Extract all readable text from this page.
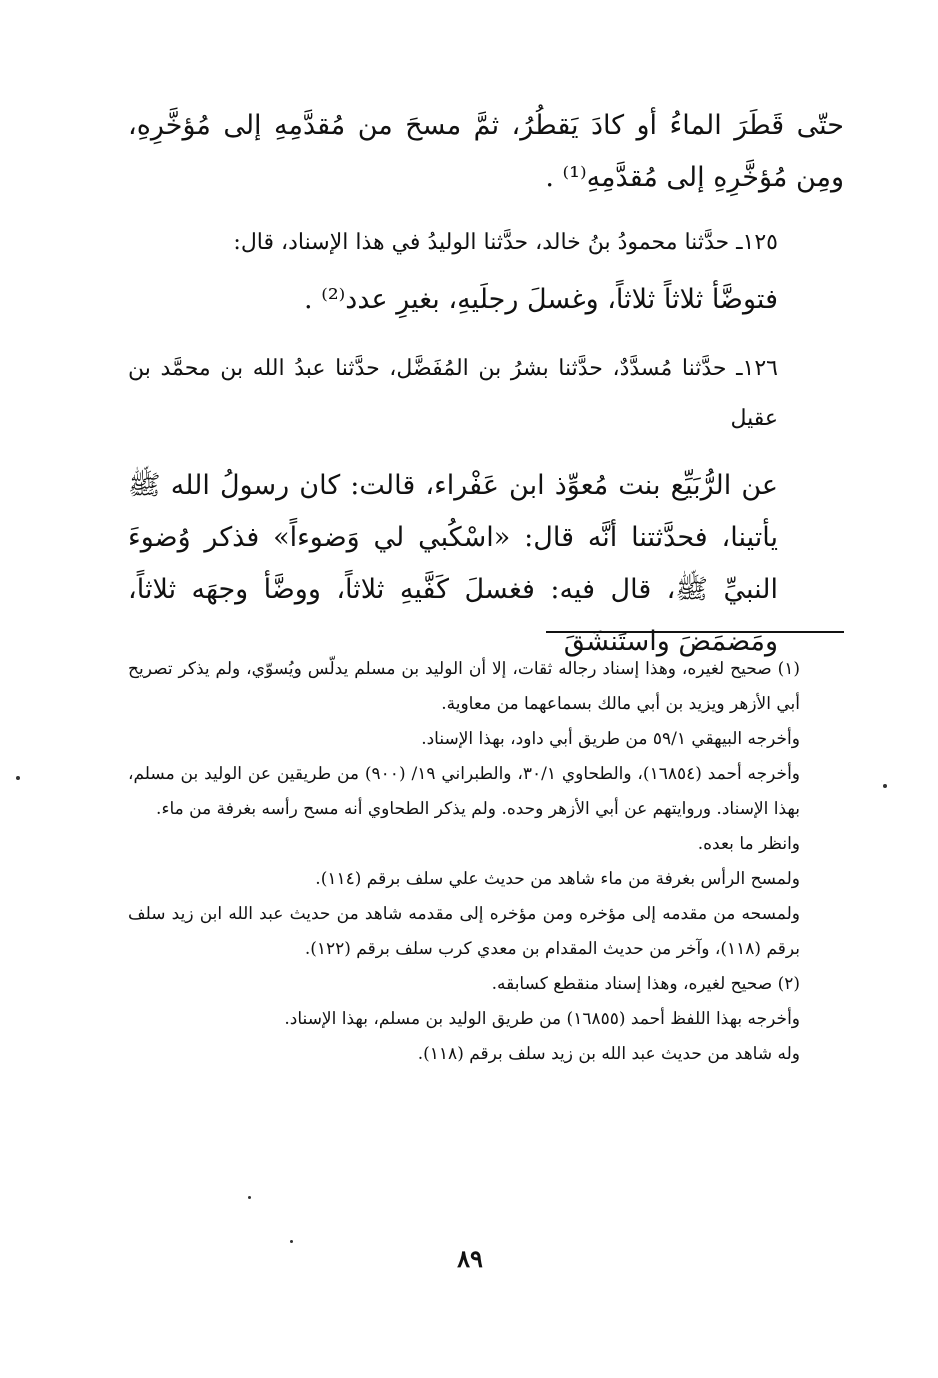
حتّى قَطَرَ الماءُ أو كادَ يَقطُرُ، ثمَّ مسحَ من مُقدَّمِهِ إلى مُؤخَّرِهِ، ومِن مُؤخَّرِهِ إلى مُقدَّمِهِ⁽¹⁾ .

١٢٥ـ حدَّثنا محمودُ بنُ خالد، حدَّثنا الوليدُ في هذا الإسناد، قال:

فتوضَّأ ثلاثاً ثلاثاً، وغسلَ رجلَيهِ، بغيرِ عدد⁽²⁾ .

١٢٦ـ حدَّثنا مُسدَّدٌ، حدَّثنا بشرُ بن المُفَضَّل، حدَّثنا عبدُ الله بن محمَّد بن عقيل

عن الرُّبَيِّع بنت مُعوِّذ ابن عَفْراء، قالت: كان رسولُ الله ﷺ يأتينا، فحدَّثتنا أنَّه قال: «اسْكُبي لي وَضوءاً» فذكر وُضوءَ النبيِّ ﷺ، قال فيه: فغسلَ كَفَّيهِ ثلاثاً، ووضَّأ وجهَه ثلاثاً، ومَضمَضَ واستَنشَقَ

(١) صحيح لغيره، وهذا إسناد رجاله ثقات، إلا أن الوليد بن مسلم يدلّس ويُسوّي، ولم يذكر تصريح أبي الأزهر ويزيد بن أبي مالك بسماعهما من معاوية.

وأخرجه البيهقي ٥٩/١ من طريق أبي داود، بهذا الإسناد.

وأخرجه أحمد (١٦٨٥٤)، والطحاوي ٣٠/١، والطبراني ١٩/ (٩٠٠) من طريقين عن الوليد بن مسلم، بهذا الإسناد. وروايتهم عن أبي الأزهر وحده. ولم يذكر الطحاوي أنه مسح رأسه بغرفة من ماء.

وانظر ما بعده.

ولمسح الرأس بغرفة من ماء شاهد من حديث علي سلف برقم (١١٤).

ولمسحه من مقدمه إلى مؤخره ومن مؤخره إلى مقدمه شاهد من حديث عبد الله ابن زيد سلف برقم (١١٨)، وآخر من حديث المقدام بن معدي كرب سلف برقم (١٢٢).

(٢) صحيح لغيره، وهذا إسناد منقطع كسابقه.

وأخرجه بهذا اللفظ أحمد (١٦٨٥٥) من طريق الوليد بن مسلم، بهذا الإسناد.

وله شاهد من حديث عبد الله بن زيد سلف برقم (١١٨).

٨٩
